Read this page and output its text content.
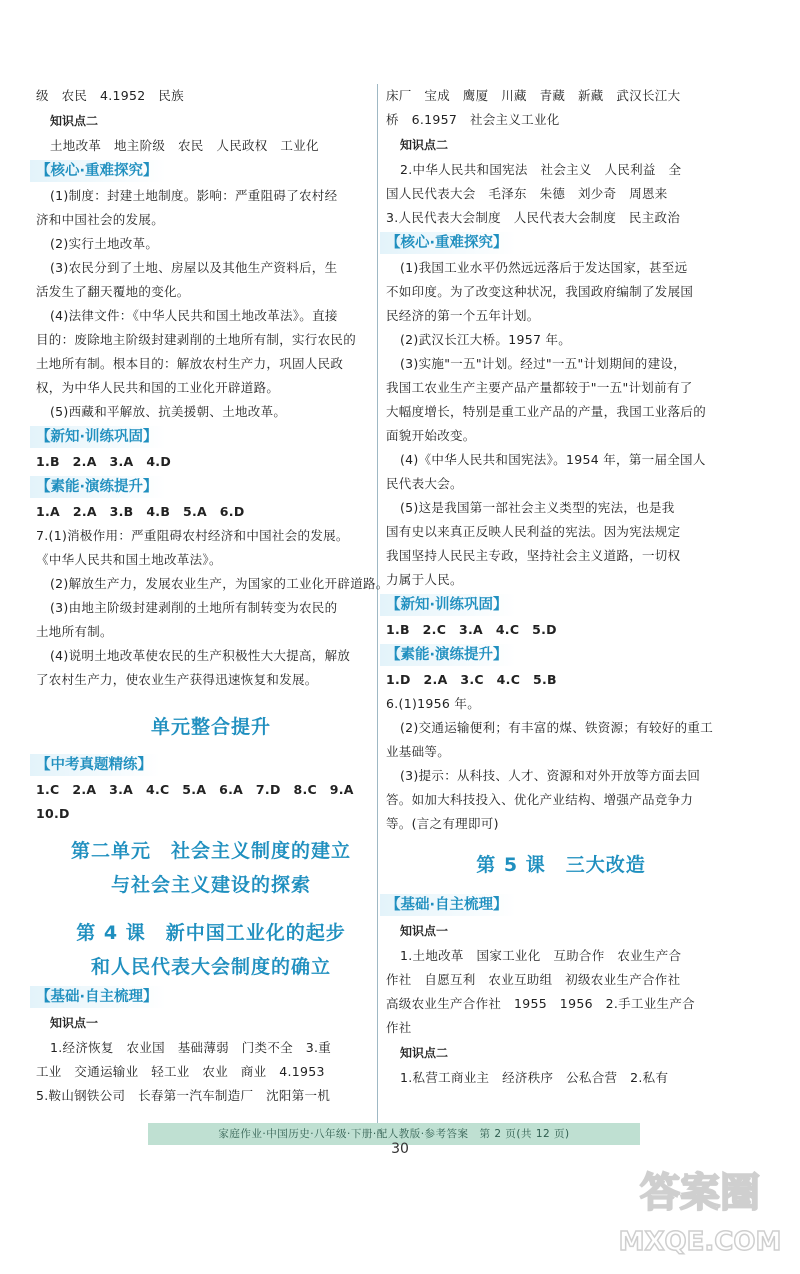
级　农民　4.1952　民族
知识点二
土地改革　地主阶级　农民　人民政权　工业化
【核心·重难探究】
(1)制度：封建土地制度。影响：严重阻碍了农村经
济和中国社会的发展。
(2)实行土地改革。
(3)农民分到了土地、房屋以及其他生产资料后，生
活发生了翻天覆地的变化。
(4)法律文件：《中华人民共和国土地改革法》。直接
目的：废除地主阶级封建剥削的土地所有制，实行农民的
土地所有制。根本目的：解放农村生产力，巩固人民政
权，为中华人民共和国的工业化开辟道路。
(5)西藏和平解放、抗美援朝、土地改革。
【新知·训练巩固】
1.B　2.A　3.A　4.D
【素能·演练提升】
1.A　2.A　3.B　4.B　5.A　6.D
7.(1)消极作用：严重阻碍农村经济和中国社会的发展。
《中华人民共和国土地改革法》。
(2)解放生产力，发展农业生产，为国家的工业化开辟道路。
(3)由地主阶级封建剥削的土地所有制转变为农民的
土地所有制。
(4)说明土地改革使农民的生产积极性大大提高，解放
了农村生产力，使农业生产获得迅速恢复和发展。
单元整合提升
【中考真题精练】
1.C　2.A　3.A　4.C　5.A　6.A　7.D　8.C　9.A
10.D
第二单元　社会主义制度的建立
与社会主义建设的探索
第 4 课　新中国工业化的起步
和人民代表大会制度的确立
【基础·自主梳理】
知识点一
1.经济恢复　农业国　基础薄弱　门类不全　3.重
工业　交通运输业　轻工业　农业　商业　4.1953
5.鞍山钢铁公司　长春第一汽车制造厂　沈阳第一机
床厂　宝成　鹰厦　川藏　青藏　新藏　武汉长江大
桥　6.1957　社会主义工业化
知识点二
2.中华人民共和国宪法　社会主义　人民利益　全
国人民代表大会　毛泽东　朱德　刘少奇　周恩来
3.人民代表大会制度　人民代表大会制度　民主政治
【核心·重难探究】
(1)我国工业水平仍然远远落后于发达国家，甚至远
不如印度。为了改变这种状况，我国政府编制了发展国
民经济的第一个五年计划。
(2)武汉长江大桥。1957 年。
(3)实施"一五"计划。经过"一五"计划期间的建设，
我国工农业生产主要产品产量都较于"一五"计划前有了
大幅度增长，特别是重工业产品的产量，我国工业落后的
面貌开始改变。
(4)《中华人民共和国宪法》。1954 年，第一届全国人
民代表大会。
(5)这是我国第一部社会主义类型的宪法，也是我
国有史以来真正反映人民利益的宪法。因为宪法规定
我国坚持人民民主专政，坚持社会主义道路，一切权
力属于人民。
【新知·训练巩固】
1.B　2.C　3.A　4.C　5.D
【素能·演练提升】
1.D　2.A　3.C　4.C　5.B
6.(1)1956 年。
(2)交通运输便利；有丰富的煤、铁资源；有较好的重工
业基础等。
(3)提示：从科技、人才、资源和对外开放等方面去回
答。如加大科技投入、优化产业结构、增强产品竞争力
等。(言之有理即可)
第 5 课　三大改造
【基础·自主梳理】
知识点一
1.土地改革　国家工业化　互助合作　农业生产合
作社　自愿互利　农业互助组　初级农业生产合作社
高级农业生产合作社　1955　1956　2.手工业生产合
作社
知识点二
1.私营工商业主　经济秩序　公私合营　2.私有
家庭作业·中国历史·八年级·下册·配人教版·参考答案　第 2 页(共 12 页)
30
答案圈
MXQE.COM
